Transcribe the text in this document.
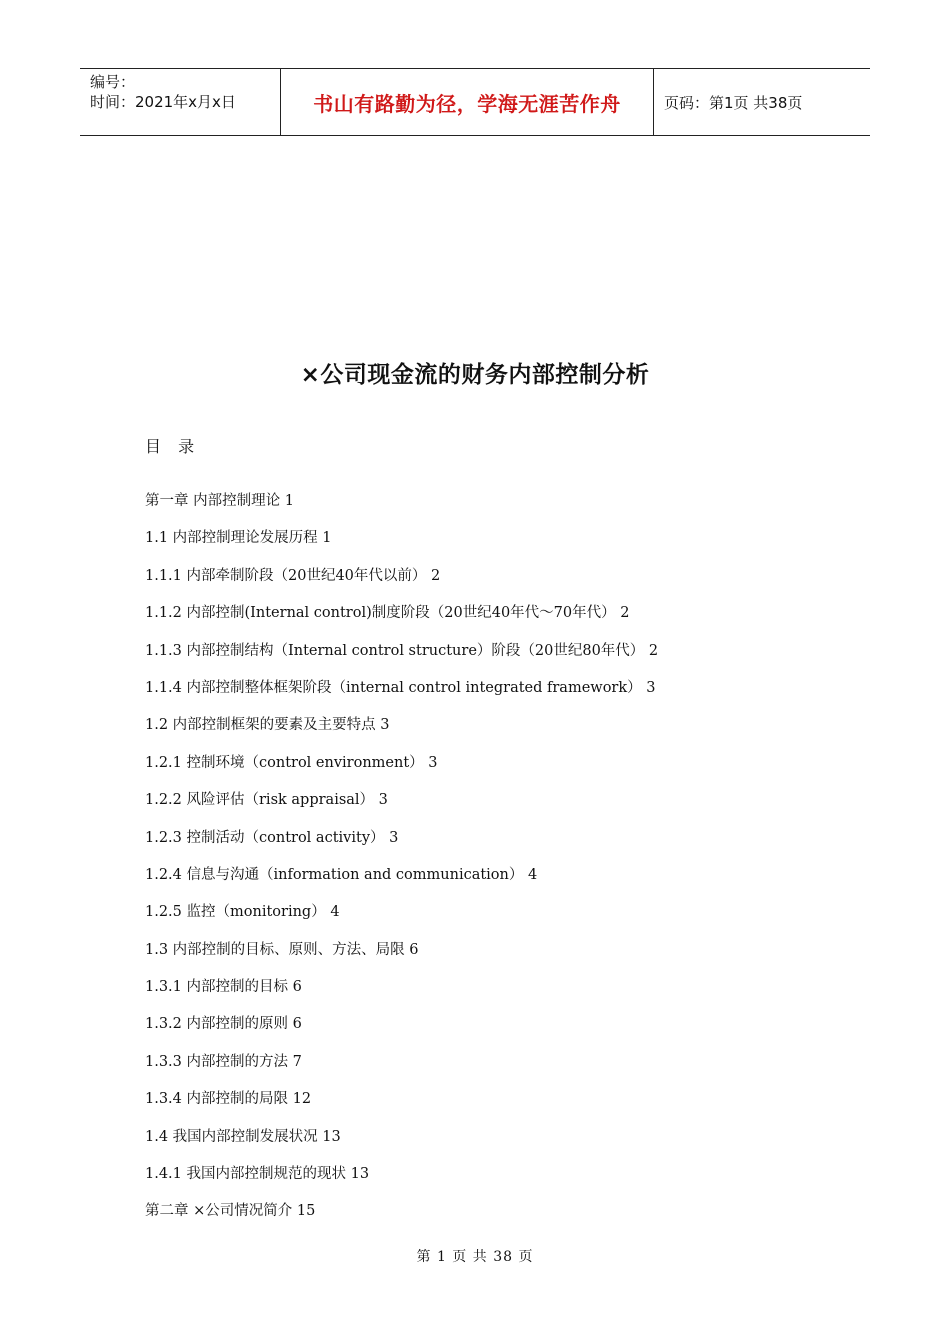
编号：
时间：2021年x月x日	书山有路勤为径，学海无涯苦作舟	页码：第1页 共38页
×公司现金流的财务内部控制分析
目 录
第一章 内部控制理论 1
1.1 内部控制理论发展历程 1
1.1.1 内部牵制阶段（20世纪40年代以前） 2
1.1.2 内部控制(Internal control)制度阶段（20世纪40年代～70年代） 2
1.1.3 内部控制结构（Internal control structure）阶段（20世纪80年代） 2
1.1.4 内部控制整体框架阶段（internal control integrated framework） 3
1.2 内部控制框架的要素及主要特点 3
1.2.1 控制环境（control environment） 3
1.2.2 风险评估（risk appraisal） 3
1.2.3 控制活动（control activity） 3
1.2.4 信息与沟通（information and communication） 4
1.2.5 监控（monitoring） 4
1.3 内部控制的目标、原则、方法、局限 6
1.3.1 内部控制的目标 6
1.3.2 内部控制的原则 6
1.3.3 内部控制的方法 7
1.3.4 内部控制的局限 12
1.4 我国内部控制发展状况 13
1.4.1 我国内部控制规范的现状 13
第二章 ×公司情况简介 15
第 1 页 共 38 页
